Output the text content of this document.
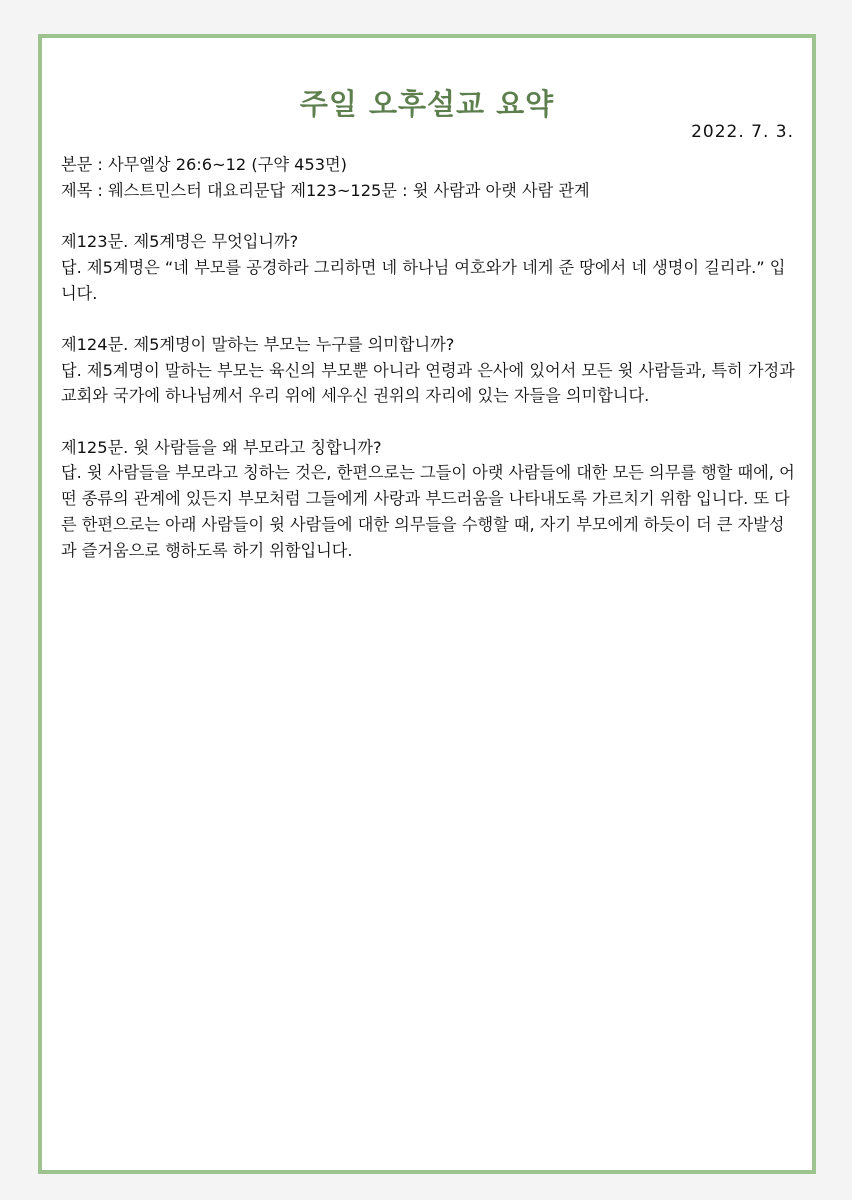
주일 오후설교 요약
2022. 7. 3.

본문 : 사무엘상 26:6~12 (구약 453면)

제목 : 웨스트민스터 대요리문답 제123~125문 : 윗 사람과 아랫 사람 관계

제123문. 제5계명은 무엇입니까?

답. 제5계명은 “네 부모를 공경하라 그리하면 네 하나님 여호와가 네게 준 땅에서 네 생명이 길리라.” 입니다.

제124문. 제5계명이 말하는 부모는 누구를 의미합니까?

답. 제5계명이 말하는 부모는 육신의 부모뿐 아니라 연령과 은사에 있어서 모든 윗 사람들과, 특히 가정과 교회와 국가에 하나님께서 우리 위에 세우신 권위의 자리에 있는 자들을 의미합니다.

제125문. 윗 사람들을 왜 부모라고 칭합니까?

답. 윗 사람들을 부모라고 칭하는 것은, 한편으로는 그들이 아랫 사람들에 대한 모든 의무를 행할 때에, 어떤 종류의 관계에 있든지 부모처럼 그들에게 사랑과 부드러움을 나타내도록 가르치기 위함 입니다. 또 다른 한편으로는 아래 사람들이 윗 사람들에 대한 의무들을 수행할 때, 자기 부모에게 하듯이 더 큰 자발성과 즐거움으로 행하도록 하기 위함입니다.
